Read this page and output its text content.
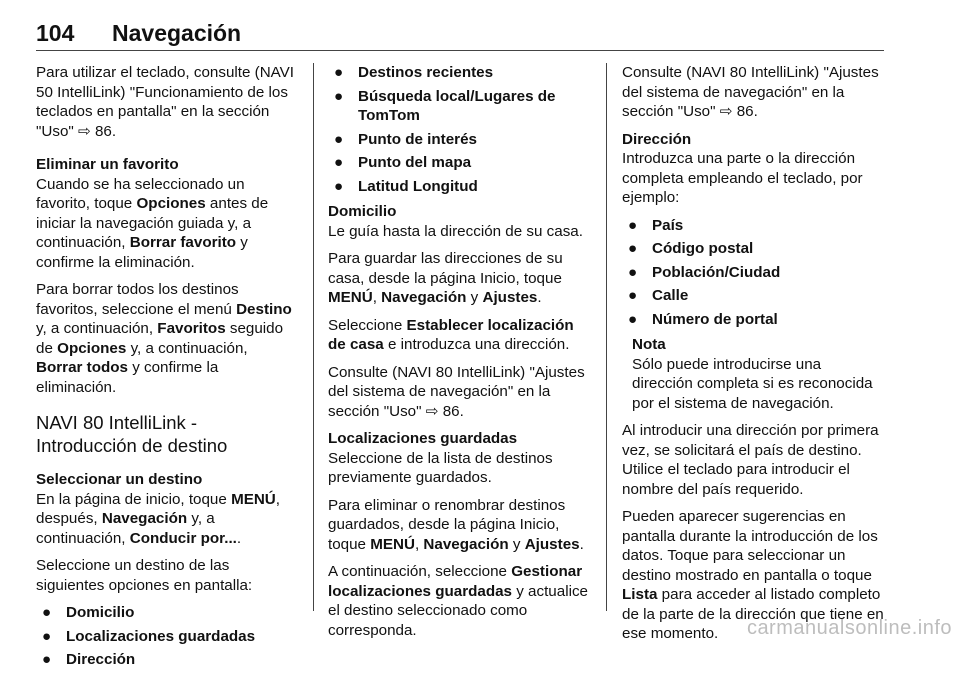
104 Navegación

Para utilizar el teclado, consulte (NAVI 50 IntelliLink) "Funcionamiento de los teclados en pantalla" en la sección "Uso" ⇨ 86.

Eliminar un favorito

Cuando se ha seleccionado un favorito, toque Opciones antes de iniciar la navegación guiada y, a continuación, Borrar favorito y confirme la eliminación.

Para borrar todos los destinos favoritos, seleccione el menú Destino y, a continuación, Favoritos seguido de Opciones y, a continuación, Borrar todos y confirme la eliminación.

NAVI 80 IntelliLink - Introducción de destino
Seleccionar un destino

En la página de inicio, toque MENÚ, después, Navegación y, a continuación, Conducir por....

Seleccione un destino de las siguientes opciones en pantalla:

● Domicilio
● Localizaciones guardadas
● Dirección
● Destinos recientes
● Búsqueda local/Lugares de TomTom
● Punto de interés
● Punto del mapa
● Latitud Longitud
Domicilio

Le guía hasta la dirección de su casa.

Para guardar las direcciones de su casa, desde la página Inicio, toque MENÚ, Navegación y Ajustes.

Seleccione Establecer localización de casa e introduzca una dirección.

Consulte (NAVI 80 IntelliLink) "Ajustes del sistema de navegación" en la sección "Uso" ⇨ 86.

Localizaciones guardadas

Seleccione de la lista de destinos previamente guardados.

Para eliminar o renombrar destinos guardados, desde la página Inicio, toque MENÚ, Navegación y Ajustes.

A continuación, seleccione Gestionar localizaciones guardadas y actualice el destino seleccionado como corresponda.

Consulte (NAVI 80 IntelliLink) "Ajustes del sistema de navegación" en la sección "Uso" ⇨ 86.

Dirección

Introduzca una parte o la dirección completa empleando el teclado, por ejemplo:

● País
● Código postal
● Población/Ciudad
● Calle
● Número de portal
Nota
Sólo puede introducirse una dirección completa si es reconocida por el sistema de navegación.

Al introducir una dirección por primera vez, se solicitará el país de destino. Utilice el teclado para introducir el nombre del país requerido.

Pueden aparecer sugerencias en pantalla durante la introducción de los datos. Toque para seleccionar un destino mostrado en pantalla o toque Lista para acceder al listado completo de la parte de la dirección que tiene en ese momento.	carmanualsonline.info
